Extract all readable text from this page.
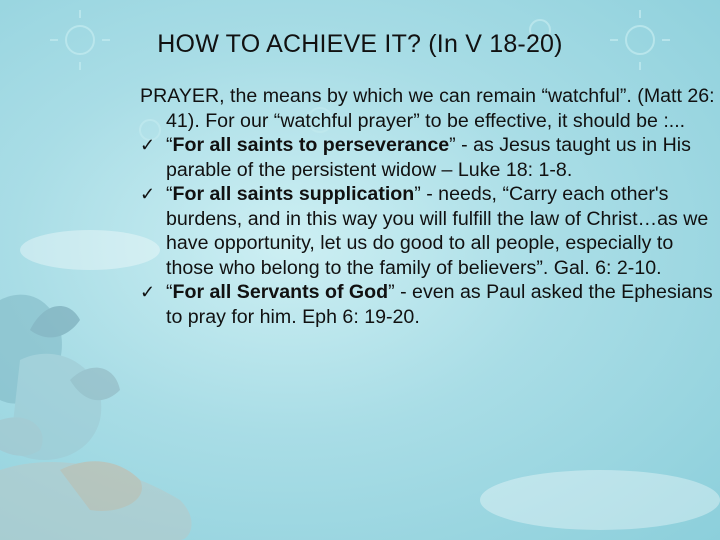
HOW TO ACHIEVE IT? (In V 18-20)

PRAYER, the means by which we can remain “watchful”. (Matt 26: 41). For our “watchful prayer” to be effective, it should be :...

✓ “For all saints to perseverance” - as Jesus taught us in His parable of the persistent widow – Luke 18: 1-8.
✓ “For all saints supplication” - needs, “Carry each other's burdens, and in this way you will fulfill the law of Christ…as we have opportunity, let us do good to all people, especially to those who belong to the family of believers”. Gal. 6: 2-10.
✓ “For all Servants of God” - even as Paul asked the Ephesians to pray for him. Eph 6: 19-20.
